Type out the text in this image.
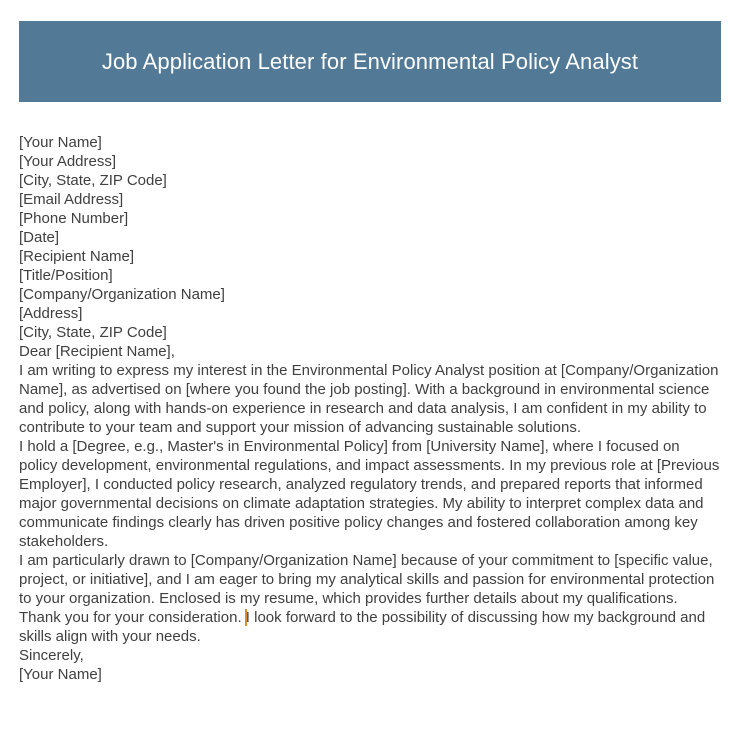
Job Application Letter for Environmental Policy Analyst
[Your Name]
[Your Address]
[City, State, ZIP Code]
[Email Address]
[Phone Number]
[Date]
[Recipient Name]
[Title/Position]
[Company/Organization Name]
[Address]
[City, State, ZIP Code]
Dear [Recipient Name],

I am writing to express my interest in the Environmental Policy Analyst position at [Company/Organization Name], as advertised on [where you found the job posting]. With a background in environmental science and policy, along with hands-on experience in research and data analysis, I am confident in my ability to contribute to your team and support your mission of advancing sustainable solutions.

I hold a [Degree, e.g., Master's in Environmental Policy] from [University Name], where I focused on policy development, environmental regulations, and impact assessments. In my previous role at [Previous Employer], I conducted policy research, analyzed regulatory trends, and prepared reports that informed major governmental decisions on climate adaptation strategies. My ability to interpret complex data and communicate findings clearly has driven positive policy changes and fostered collaboration among key stakeholders.

I am particularly drawn to [Company/Organization Name] because of your commitment to [specific value, project, or initiative], and I am eager to bring my analytical skills and passion for environmental protection to your organization. Enclosed is my resume, which provides further details about my qualifications.

Thank you for your consideration. I look forward to the possibility of discussing how my background and skills align with your needs.

Sincerely,
[Your Name]
